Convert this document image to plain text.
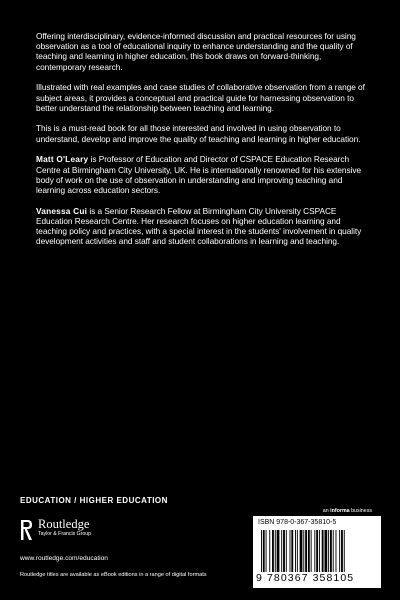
Offering interdisciplinary, evidence-informed discussion and practical resources for using observation as a tool of educational inquiry to enhance understanding and the quality of teaching and learning in higher education, this book draws on forward-thinking, contemporary research.

Illustrated with real examples and case studies of collaborative observation from a range of subject areas, it provides a conceptual and practical guide for harnessing observation to better understand the relationship between teaching and learning.

This is a must-read book for all those interested and involved in using observation to understand, develop and improve the quality of teaching and learning in higher education.

Matt O'Leary is Professor of Education and Director of CSPACE Education Research Centre at Birmingham City University, UK. He is internationally renowned for his extensive body of work on the use of observation in understanding and improving teaching and learning across education sectors.

Vanessa Cui is a Senior Research Fellow at Birmingham City University CSPACE Education Research Centre. Her research focuses on higher education learning and teaching policy and practices, with a special interest in the students' involvement in quality development activities and staff and student collaborations in learning and teaching.

EDUCATION / HIGHER EDUCATION
an informa business
Routledge
Taylor & Francis Group
www.routledge.com/education
Routledge titles are available as eBook editions in a range of digital formats
ISBN 978-0-367-35810-5
9 780367 358105
